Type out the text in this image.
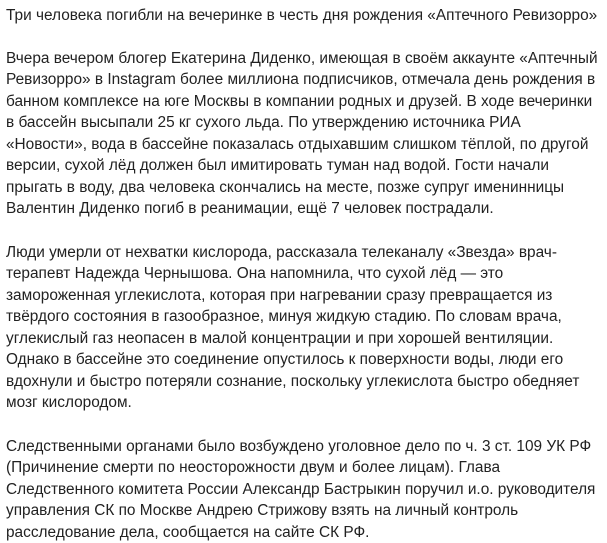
Три человека погибли на вечеринке в честь дня рождения «Аптечного Ревизорро»

Вчера вечером блогер Екатерина Диденко, имеющая в своём аккаунте «Аптечный Ревизорро» в Instagram более миллиона подписчиков, отмечала день рождения в банном комплексе на юге Москвы в компании родных и друзей. В ходе вечеринки в бассейн высыпали 25 кг сухого льда. По утверждению источника РИА «Новости», вода в бассейне показалась отдыхавшим слишком тёплой, по другой версии, сухой лёд должен был имитировать туман над водой. Гости начали прыгать в воду, два человека скончались на месте, позже супруг именинницы Валентин Диденко погиб в реанимации, ещё 7 человек пострадали.

Люди умерли от нехватки кислорода, рассказала телеканалу «Звезда» врач-терапевт Надежда Чернышова. Она напомнила, что сухой лёд — это замороженная углекислота, которая при нагревании сразу превращается из твёрдого состояния в газообразное, минуя жидкую стадию. По словам врача, углекислый газ неопасен в малой концентрации и при хорошей вентиляции. Однако в бассейне это соединение опустилось к поверхности воды, люди его вдохнули и быстро потеряли сознание, поскольку углекислота быстро обедняет мозг кислородом.

Следственными органами было возбуждено уголовное дело по ч. 3 ст. 109 УК РФ (Причинение смерти по неосторожности двум и более лицам). Глава Следственного комитета России Александр Бастрыкин поручил и.о. руководителя управления СК по Москве Андрею Стрижову взять на личный контроль расследование дела, сообщается на сайте СК РФ.
